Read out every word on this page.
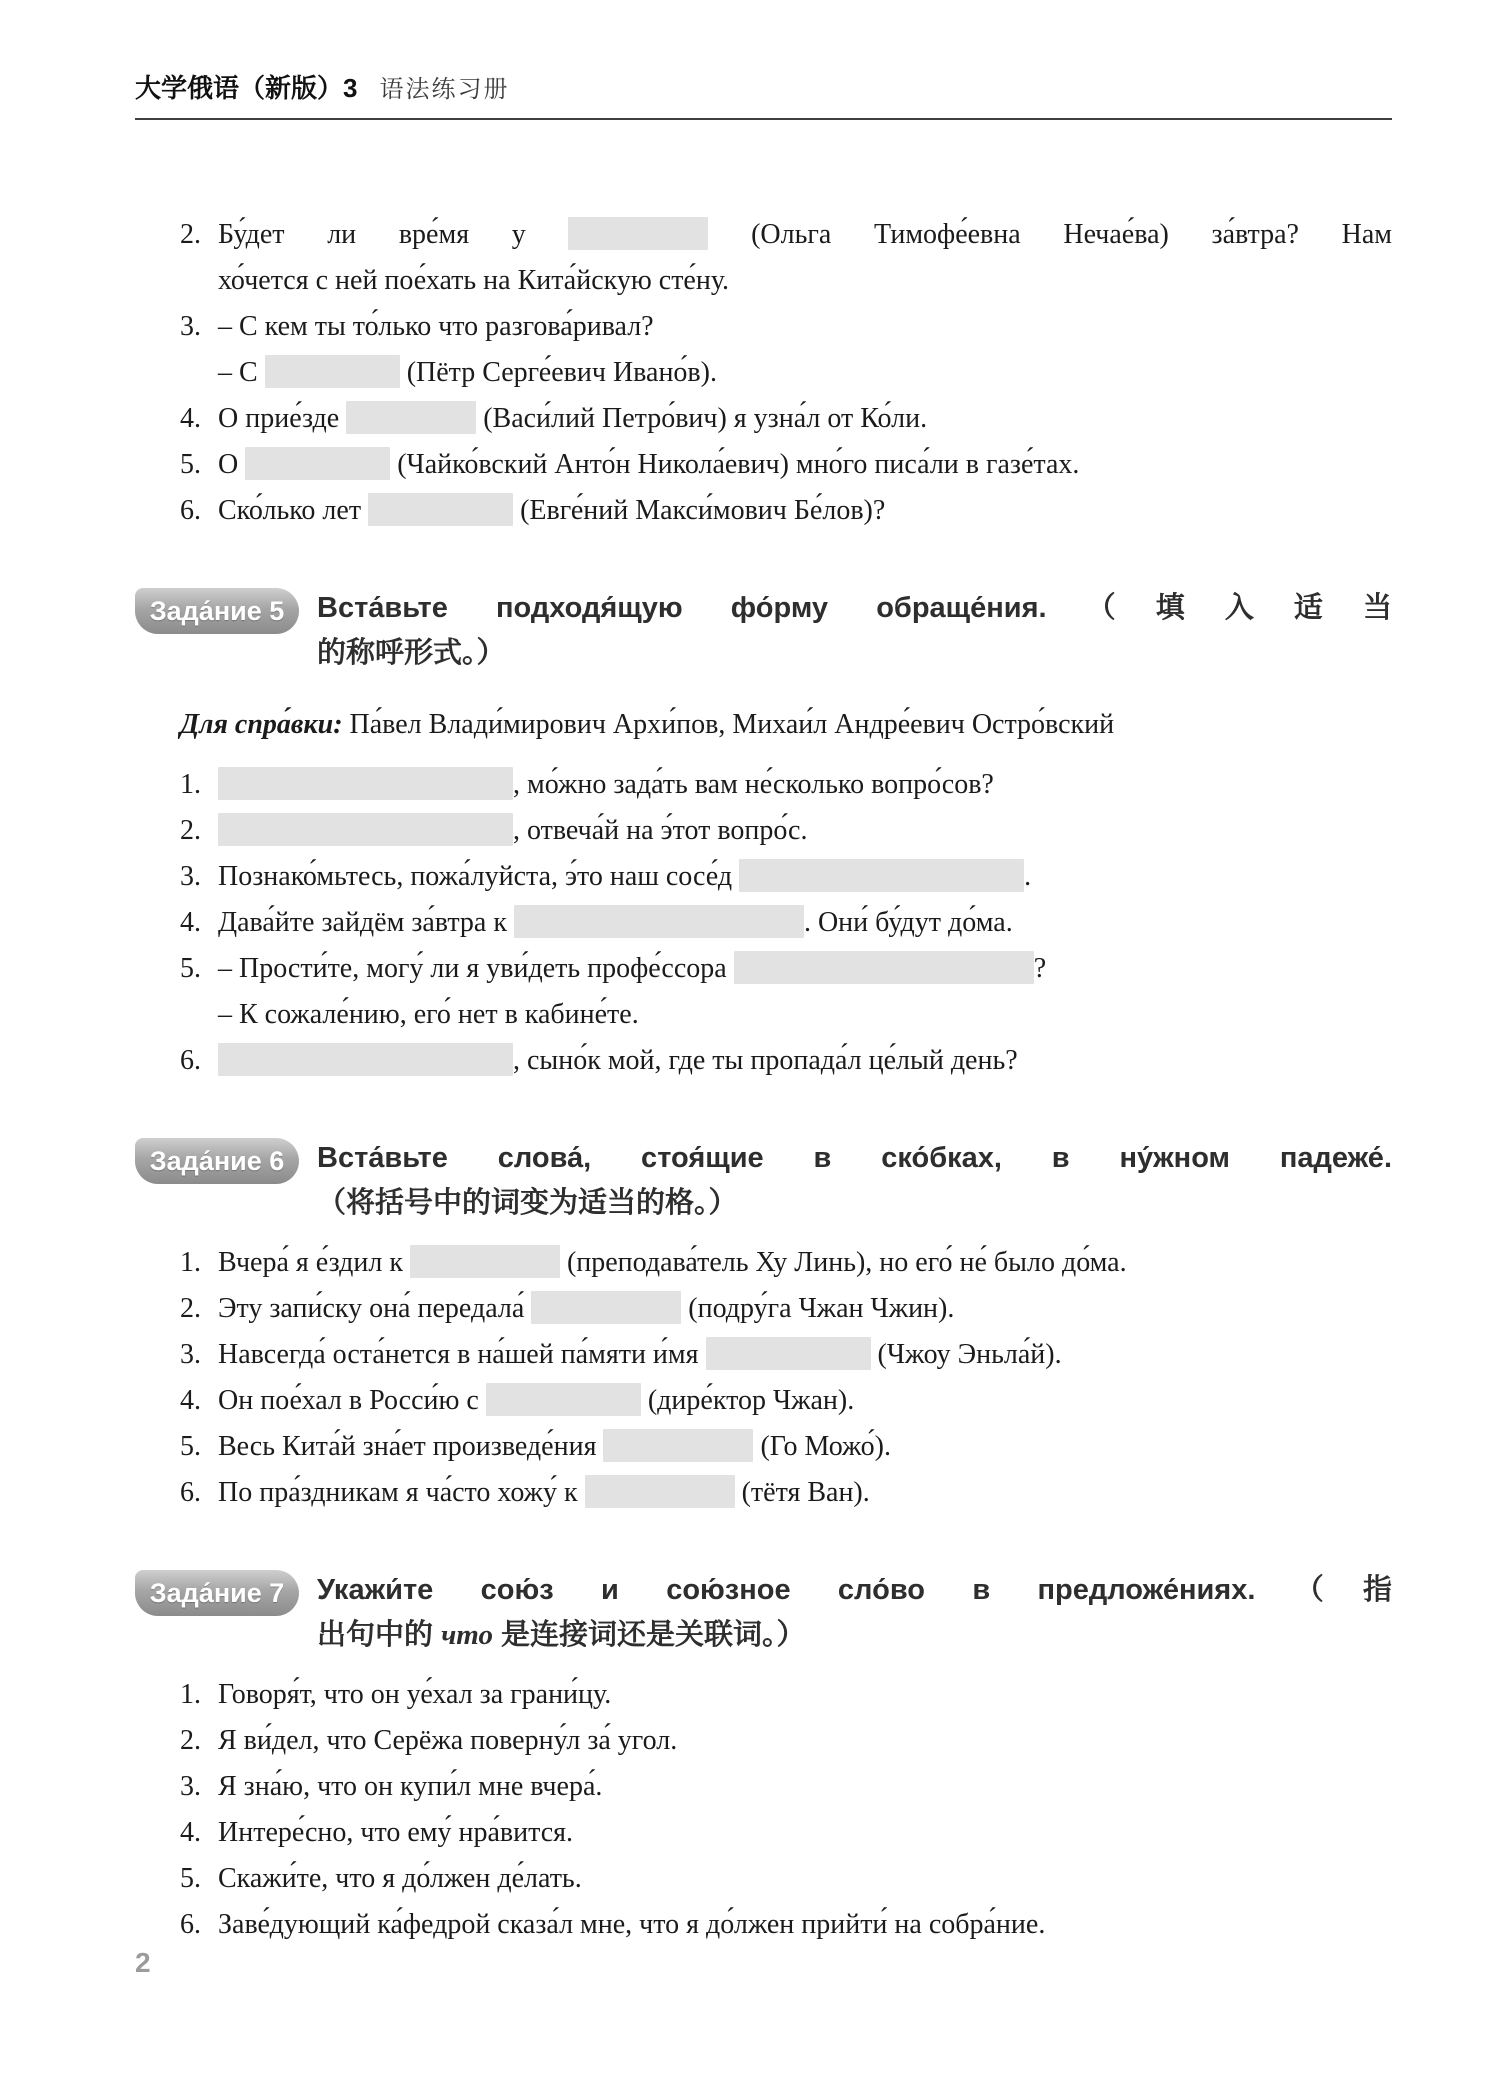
大学俄语（新版）3 语法练习册
2. Бу́дет ли вре́мя у	(Ольга Тимофе́евна Нечае́ва) за́втра? Нам
хо́чется с ней пое́хать на Кита́йскую сте́ну.
3. – С кем ты то́лько что разгова́ривал?
– С	(Пётр Серге́евич Ивано́в).
4. О прие́зде	(Васи́лий Петро́вич) я узна́л от Ко́ли.
5. О	(Чайко́вский Анто́н Никола́евич) мно́го писа́ли в газе́тах.
6. Ско́лько лет	(Евге́ний Макси́мович Бе́лов)?
Зада́ние 5	Вста́вьте подходя́щую фо́рму обраще́ния.（填入适当
的称呼形式。）
Для спра́вки: Па́вел Влади́мирович Архи́пов, Михаи́л Андре́евич Остро́вский
1.	, мо́жно зада́ть вам не́сколько вопро́сов?
2.	, отвеча́й на э́тот вопро́с.
3. Познако́мьтесь, пожа́луйста, э́то наш сосе́д	.
4. Дава́йте зайдём за́втра к	. Они́ бу́дут до́ма.
5. – Прости́те, могу́ ли я уви́деть профе́ссора	?
– К сожале́нию, его́ нет в кабине́те.
6.	, сыно́к мой, где ты пропада́л це́лый день?
Зада́ние 6	Вста́вьте слова́, стоя́щие в ско́бках, в ну́жном падеже́.
（将括号中的词变为适当的格。）
1. Вчера́ я е́здил к	(преподава́тель Ху Линь), но его́ не́ было до́ма.
2. Эту запи́ску она́ передала́	(подру́га Чжан Чжин).
3. Навсегда́ оста́нется в на́шей па́мяти и́мя	(Чжоу Эньла́й).
4. Он пое́хал в Росси́ю с	(дире́ктор Чжан).
5. Весь Кита́й зна́ет произведе́ния	(Го Можо́).
6. По пра́здникам я ча́сто хожу́ к	(тётя Ван).
Зада́ние 7	Укажи́те сою́з и сою́зное сло́во в предложе́ниях.（指
出句中的 что 是连接词还是关联词。）
1. Говоря́т, что он уе́хал за грани́цу.
2. Я ви́дел, что Серёжа поверну́л за́ угол.
3. Я зна́ю, что он купи́л мне вчера́.
4. Интере́сно, что ему́ нра́вится.
5. Скажи́те, что я до́лжен де́лать.
6. Заве́дующий ка́федрой сказа́л мне, что я до́лжен прийти́ на собра́ние.
2
